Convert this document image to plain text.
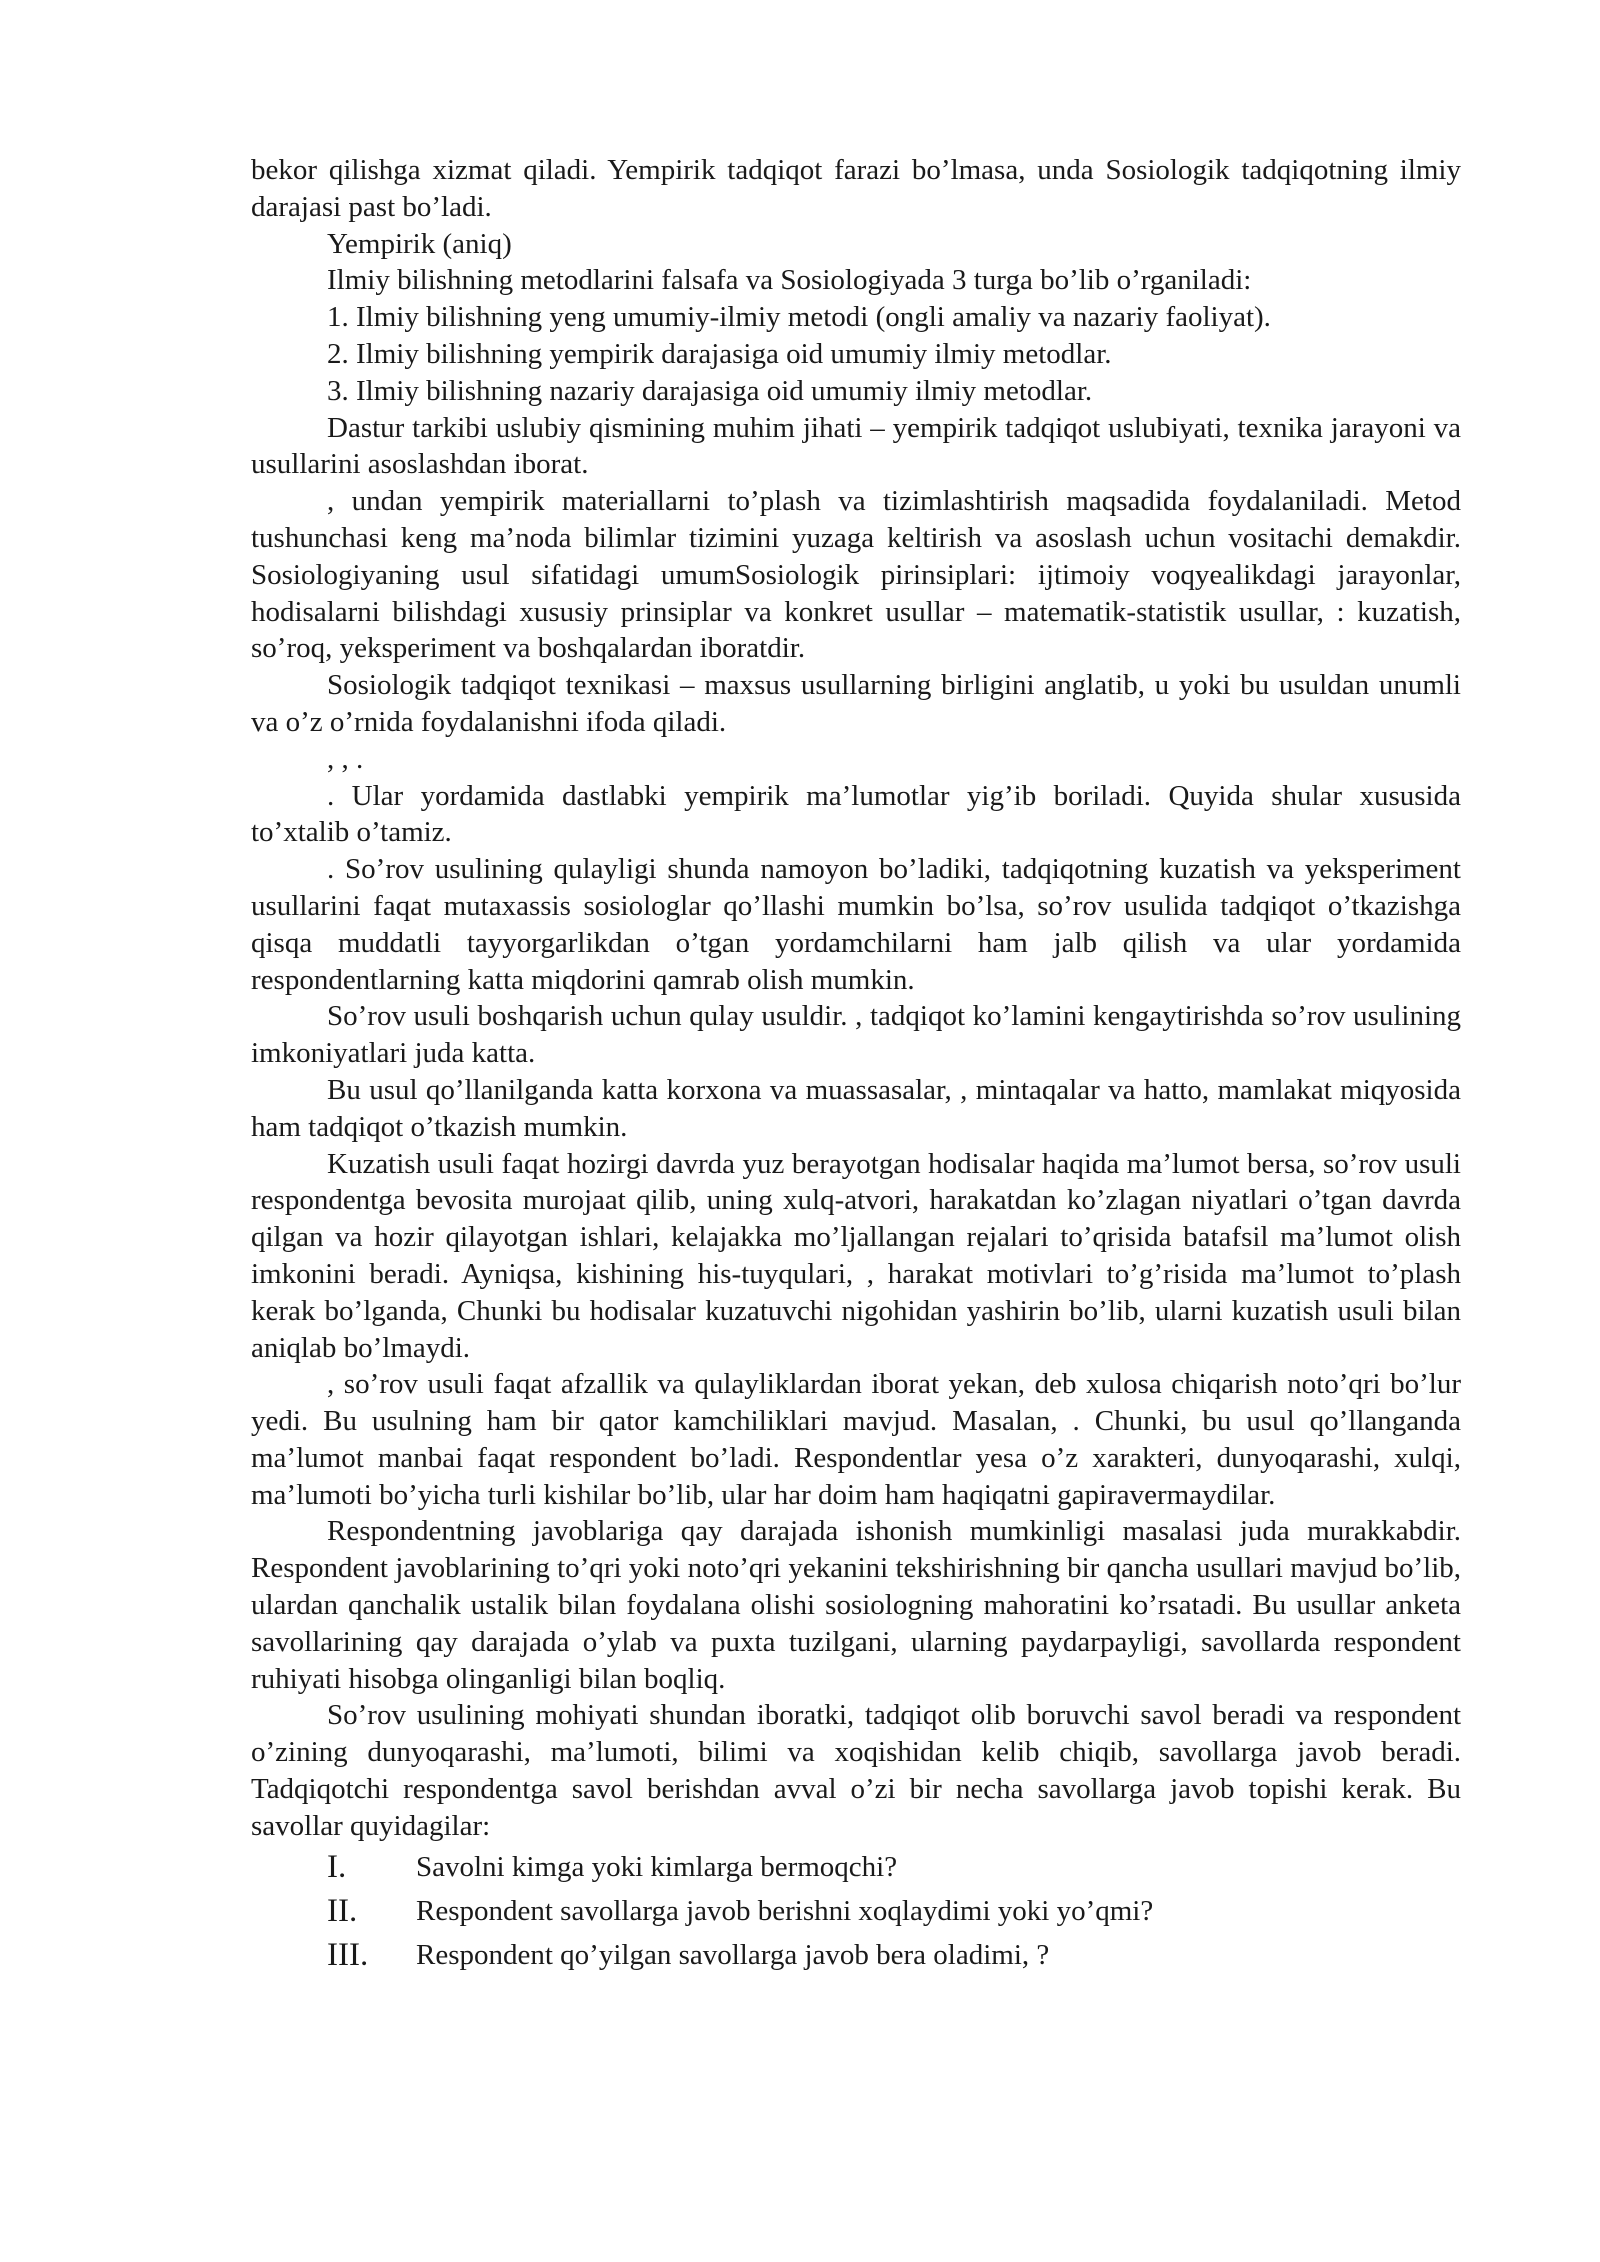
bekor qilishga xizmat qiladi. Yempirik tadqiqot farazi bo’lmasa, unda Sosiologik tadqiqotning ilmiy darajasi past bo’ladi.

Yempirik (aniq)

Ilmiy bilishning metodlarini falsafa va Sosiologiyada 3 turga bo’lib o’rganiladi:

1. Ilmiy bilishning yeng umumiy-ilmiy metodi (ongli amaliy va nazariy faoliyat).

2. Ilmiy bilishning yempirik darajasiga oid umumiy ilmiy metodlar.

3. Ilmiy bilishning nazariy darajasiga oid umumiy ilmiy metodlar.

Dastur tarkibi uslubiy qismining muhim jihati – yempirik tadqiqot uslubiyati, texnika jarayoni va usullarini asoslashdan iborat.

, undan yempirik materiallarni to’plash va tizimlashtirish maqsadida foydalaniladi. Metod tushunchasi keng ma’noda bilimlar tizimini yuzaga keltirish va asoslash uchun vositachi demakdir. Sosiologiyaning usul sifatidagi umumSosiologik pirinsiplari: ijtimoiy voqyealikdagi jarayonlar, hodisalarni bilishdagi xususiy prinsiplar va konkret usullar – matematik-statistik usullar, : kuzatish, so’roq, yeksperiment va boshqalardan iboratdir.

Sosiologik tadqiqot texnikasi – maxsus usullarning birligini anglatib, u yoki bu usuldan unumli va o’z o’rnida foydalanishni ifoda qiladi.

, , .

. Ular yordamida dastlabki yempirik ma’lumotlar yig’ib boriladi. Quyida shular xususida to’xtalib o’tamiz.

. So’rov usulining qulayligi shunda namoyon bo’ladiki, tadqiqotning kuzatish va yeksperiment usullarini faqat mutaxassis sosiologlar qo’llashi mumkin bo’lsa, so’rov usulida tadqiqot o’tkazishga qisqa muddatli tayyorgarlikdan o’tgan yordamchilarni ham jalb qilish va ular yordamida respondentlarning katta miqdorini qamrab olish mumkin.

So’rov usuli boshqarish uchun qulay usuldir. , tadqiqot ko’lamini kengaytirishda so’rov usulining imkoniyatlari juda katta.

Bu usul qo’llanilganda katta korxona va muassasalar, , mintaqalar va hatto, mamlakat miqyosida ham tadqiqot o’tkazish mumkin.

Kuzatish usuli faqat hozirgi davrda yuz berayotgan hodisalar haqida ma’lumot bersa, so’rov usuli respondentga bevosita murojaat qilib, uning xulq-atvori, harakatdan ko’zlagan niyatlari o’tgan davrda qilgan va hozir qilayotgan ishlari, kelajakka mo’ljallangan rejalari to’qrisida batafsil ma’lumot olish imkonini beradi. Ayniqsa, kishining his-tuyqulari, , harakat motivlari to’g’risida ma’lumot to’plash kerak bo’lganda, Chunki bu hodisalar kuzatuvchi nigohidan yashirin bo’lib, ularni kuzatish usuli bilan aniqlab bo’lmaydi.

, so’rov usuli faqat afzallik va qulayliklardan iborat yekan, deb xulosa chiqarish noto’qri bo’lur yedi. Bu usulning ham bir qator kamchiliklari mavjud. Masalan, . Chunki, bu usul qo’llanganda ma’lumot manbai faqat respondent bo’ladi. Respondentlar yesa o’z xarakteri, dunyoqarashi, xulqi, ma’lumoti bo’yicha turli kishilar bo’lib, ular har doim ham haqiqatni gapiravermaydilar.

Respondentning javoblariga qay darajada ishonish mumkinligi masalasi juda murakkabdir. Respondent javoblarining to’qri yoki noto’qri yekanini tekshirishning bir qancha usullari mavjud bo’lib, ulardan qanchalik ustalik bilan foydalana olishi sosiologning mahoratini ko’rsatadi. Bu usullar anketa savollarining qay darajada o’ylab va puxta tuzilgani, ularning paydarpayligi, savollarda respondent ruhiyati hisobga olinganligi bilan boqliq.

So’rov usulining mohiyati shundan iboratki, tadqiqot olib boruvchi savol beradi va respondent o’zining dunyoqarashi, ma’lumoti, bilimi va xoqishidan kelib chiqib, savollarga javob beradi. Tadqiqotchi respondentga savol berishdan avval o’zi bir necha savollarga javob topishi kerak. Bu savollar quyidagilar:

I. Savolni kimga yoki kimlarga bermoqchi?
II. Respondent savollarga javob berishni xoqlaydimi yoki yo’qmi?
III. Respondent qo’yilgan savollarga javob bera oladimi, ?
